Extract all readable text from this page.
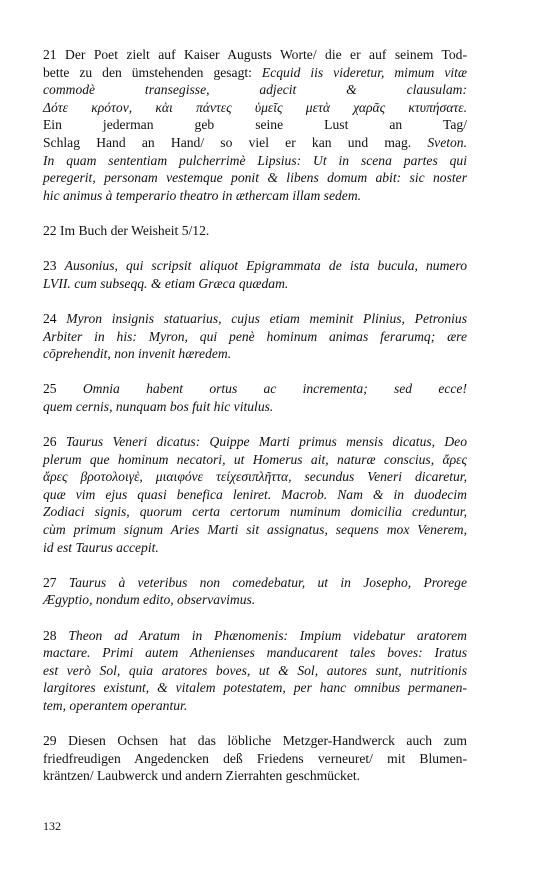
21 Der Poet zielt auf Kaiser Augusts Worte/ die er auf seinem Tod-
bette zu den ümstehenden gesagt: Ecquid iis videretur, mimum vitæ
commodè transegisse, adjecit & clausulam:
Δότε κρότον, κὰι πάντες ὑμεῖς μετὰ χαρᾶς κτυπήσατε.
Ein jederman geb seine Lust an Tag/
Schlag Hand an Hand/ so viel er kan und mag. Sveton.
In quam sententiam pulcherrimè Lipsius: Ut in scena partes qui
peregerit, personam vestemque ponit & libens domum abit: sic noster
hic animus à temperario theatro in æthercam illam sedem.
22 Im Buch der Weisheit 5/12.
23 Ausonius, qui scripsit aliquot Epigrammata de ista bucula, numero
LVII. cum subseqq. & etiam Græca quædam.
24 Myron insignis statuarius, cujus etiam meminit Plinius, Petronius
Arbiter in his: Myron, qui penè hominum animas ferarumq; ære
cōprehendit, non invenit hæredem.
25 Omnia habent ortus ac incrementa; sed ecce!
quem cernis, nunquam bos fuit hic vitulus.
26 Taurus Veneri dicatus: Quippe Marti primus mensis dicatus, Deo
plerum que hominum necatori, ut Homerus ait, naturæ conscius, ἄρες
ἄρες βροτολοιγὲ, μιαιφόνε τείχεσιπλῆττα, secundus Veneri dicaretur,
quæ vim ejus quasi benefica leniret. Macrob. Nam & in duodecim
Zodiaci signis, quorum certa certorum numinum domicilia creduntur,
cùm primum signum Aries Marti sit assignatus, sequens mox Venerem,
id est Taurus accepit.
27 Taurus à veteribus non comedebatur, ut in Josepho, Prorege
Ægyptio, nondum edito, observavimus.
28 Theon ad Aratum in Phænomenis: Impium videbatur aratorem
mactare. Primi autem Athenienses manducarent tales boves: Iratus
est verò Sol, quia aratores boves, ut & Sol, autores sunt, nutritionis
largitores existunt, & vitalem potestatem, per hanc omnibus permanen-
tem, operantem operantur.
29 Diesen Ochsen hat das löbliche Metzger-Handwerck auch zum
friedfreudigen Angedencken deß Friedens verneuret/ mit Blumen-
kräntzen/ Laubwerck und andern Zierrahten geschmücket.
132
